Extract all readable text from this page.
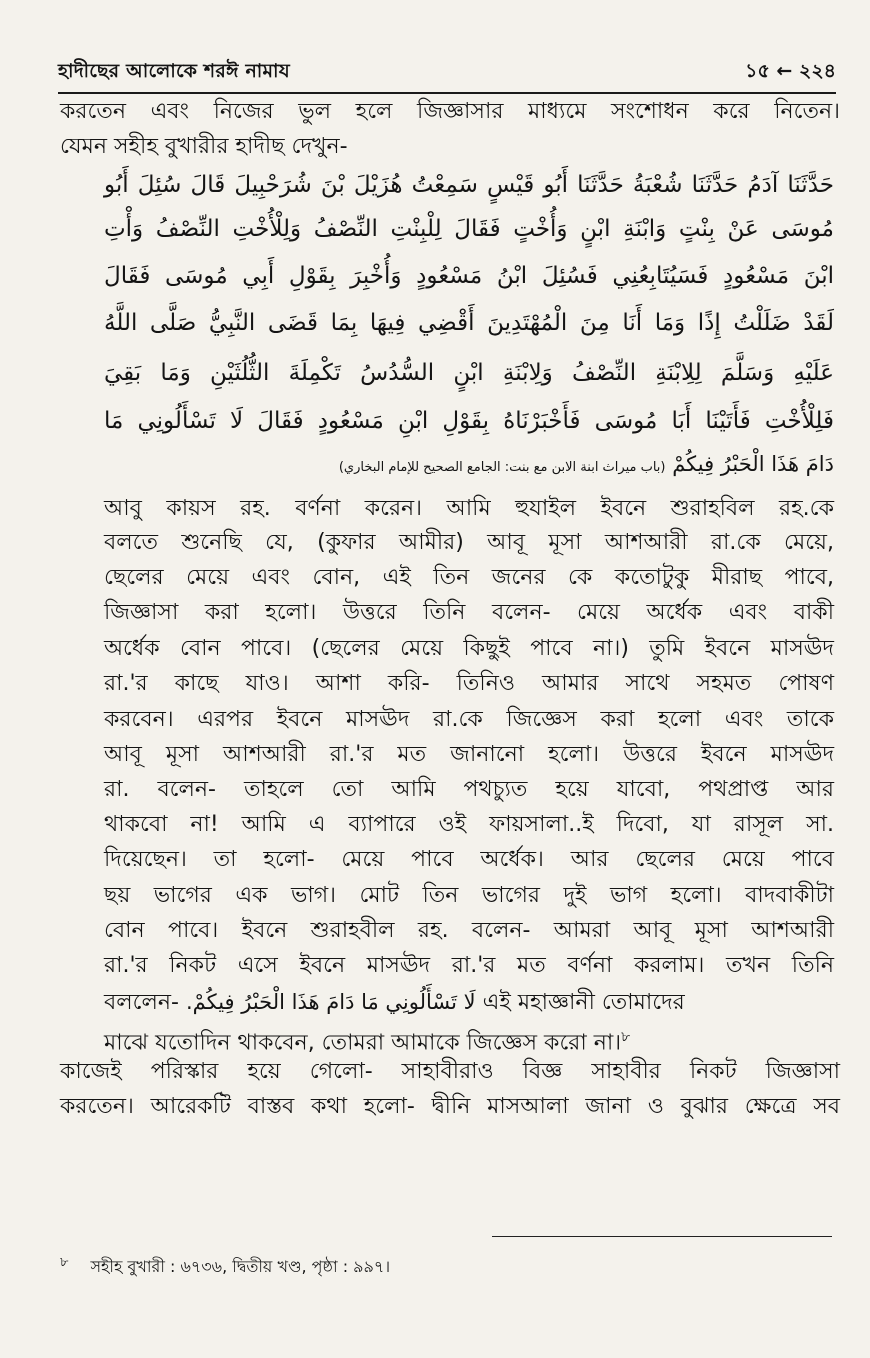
হাদীছের আলোকে শরঈ নামায	১৫ ← ২২৪
করতেন এবং নিজের ভুল হলে জিজ্ঞাসার মাধ্যমে সংশোধন করে নিতেন।
যেমন সহীহ বুখারীর হাদীছ দেখুন-
حَدَّثَنَا آدَمُ حَدَّثَنَا شُعْبَةُ حَدَّثَنَا أَبُو قَيْسٍ سَمِعْتُ هُزَيْلَ بْنَ شُرَحْبِيلَ قَالَ سُئِلَ أَبُو
مُوسَى عَنْ بِنْتٍ وَابْنَةِ ابْنٍ وَأُخْتٍ فَقَالَ لِلْبِنْتِ النِّصْفُ وَلِلْأُخْتِ النِّصْفُ وَأْتِ
ابْنَ مَسْعُودٍ فَسَيُتَابِعُنِي فَسُئِلَ ابْنُ مَسْعُودٍ وَأُخْبِرَ بِقَوْلِ أَبِي مُوسَى فَقَالَ
لَقَدْ ضَلَلْتُ إِذًا وَمَا أَنَا مِنَ الْمُهْتَدِينَ أَقْضِي فِيهَا بِمَا قَضَى النَّبِيُّ صَلَّى اللَّهُ
عَلَيْهِ وَسَلَّمَ لِلِابْنَةِ النِّصْفُ وَلِابْنَةِ ابْنٍ السُّدُسُ تَكْمِلَةَ الثُّلُثَيْنِ وَمَا بَقِيَ
فَلِلْأُخْتِ فَأَتَيْنَا أَبَا مُوسَى فَأَخْبَرْنَاهُ بِقَوْلِ ابْنِ مَسْعُودٍ فَقَالَ لَا تَسْأَلُونِي مَا
دَامَ هَذَا الْحَبْرُ فِيكُمْ (باب ميراث ابنة الابن مع بنت: الجامع الصحيح للإمام البخاري)
আবু কায়স রহ. বর্ণনা করেন। আমি হুযাইল ইবনে শুরাহবিল রহ.কে
বলতে শুনেছি যে, (কুফার আমীর) আবূ মূসা আশআরী রা.কে মেয়ে,
ছেলের মেয়ে এবং বোন, এই তিন জনের কে কতোটুকু মীরাছ পাবে,
জিজ্ঞাসা করা হলো। উত্তরে তিনি বলেন- মেয়ে অর্ধেক এবং বাকী
অর্ধেক বোন পাবে। (ছেলের মেয়ে কিছুই পাবে না।) তুমি ইবনে মাসঊদ
রা.'র কাছে যাও। আশা করি- তিনিও আমার সাথে সহমত পোষণ
করবেন। এরপর ইবনে মাসঊদ রা.কে জিজ্ঞেস করা হলো এবং তাকে
আবূ মূসা আশআরী রা.'র মত জানানো হলো। উত্তরে ইবনে মাসঊদ
রা. বলেন- তাহলে তো আমি পথচ্যুত হয়ে যাবো, পথপ্রাপ্ত আর
থাকবো না! আমি এ ব্যাপারে ওই ফায়সালা..ই দিবো, যা রাসূল সা.
দিয়েছেন। তা হলো- মেয়ে পাবে অর্ধেক। আর ছেলের মেয়ে পাবে
ছয় ভাগের এক ভাগ। মোট তিন ভাগের দুই ভাগ হলো। বাদবাকীটা
বোন পাবে। ইবনে শুরাহবীল রহ. বলেন- আমরা আবূ মূসা আশআরী
রা.'র নিকট এসে ইবনে মাসঊদ রা.'র মত বর্ণনা করলাম। তখন তিনি
বললেন- لَا تَسْأَلُونِي مَا دَامَ هَذَا الْحَبْرُ فِيكُمْ. এই মহাজ্ঞানী তোমাদের
মাঝে যতোদিন থাকবেন, তোমরা আমাকে জিজ্ঞেস করো না।$^৮$
কাজেই পরিস্কার হয়ে গেলো- সাহাবীরাও বিজ্ঞ সাহাবীর নিকট জিজ্ঞাসা
করতেন। আরেকটি বাস্তব কথা হলো- দ্বীনি মাসআলা জানা ও বুঝার ক্ষেত্রে সব
$^৮$ সহীহ বুখারী : ৬৭৩৬, দ্বিতীয় খণ্ড, পৃষ্ঠা : ৯৯৭।
